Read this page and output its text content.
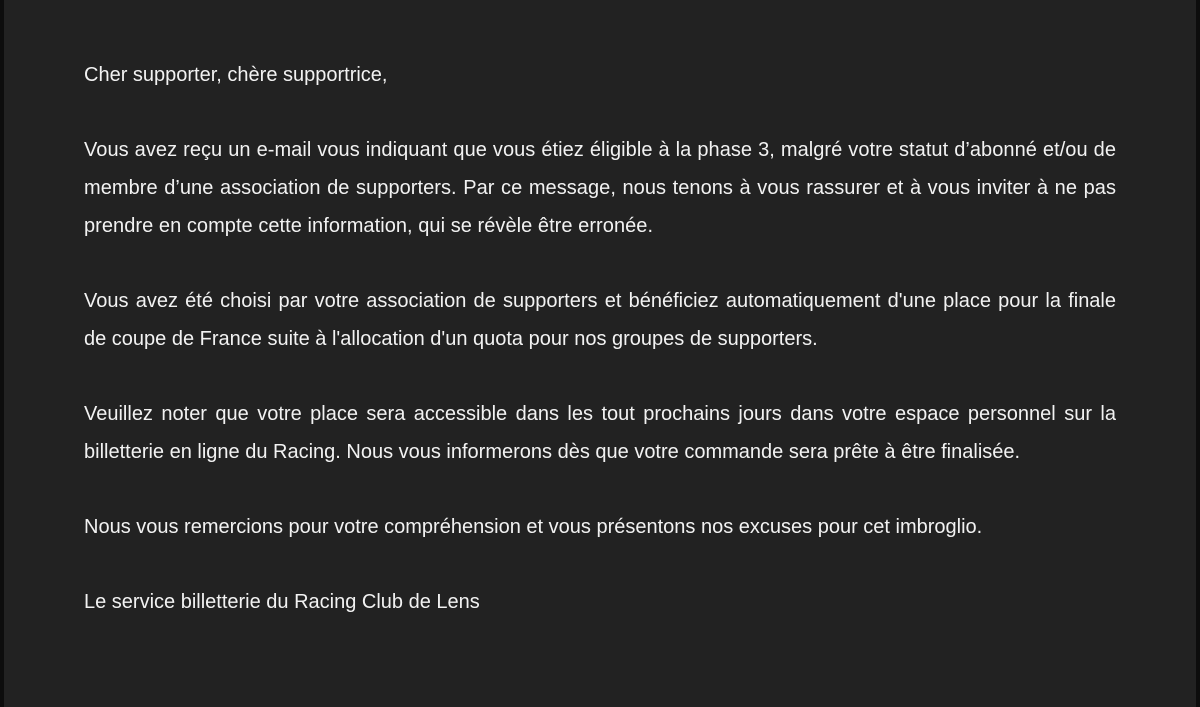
Cher supporter, chère supportrice,

Vous avez reçu un e-mail vous indiquant que vous étiez éligible à la phase 3, malgré votre statut d’abonné et/ou de membre d’une association de supporters. Par ce message, nous tenons à vous rassurer et à vous inviter à ne pas prendre en compte cette information, qui se révèle être erronée.

Vous avez été choisi par votre association de supporters et bénéficiez automatiquement d'une place pour la finale de coupe de France suite à l'allocation d'un quota pour nos groupes de supporters.

Veuillez noter que votre place sera accessible dans les tout prochains jours dans votre espace personnel sur la billetterie en ligne du Racing. Nous vous informerons dès que votre commande sera prête à être finalisée.

Nous vous remercions pour votre compréhension et vous présentons nos excuses pour cet imbroglio.

Le service billetterie du Racing Club de Lens
